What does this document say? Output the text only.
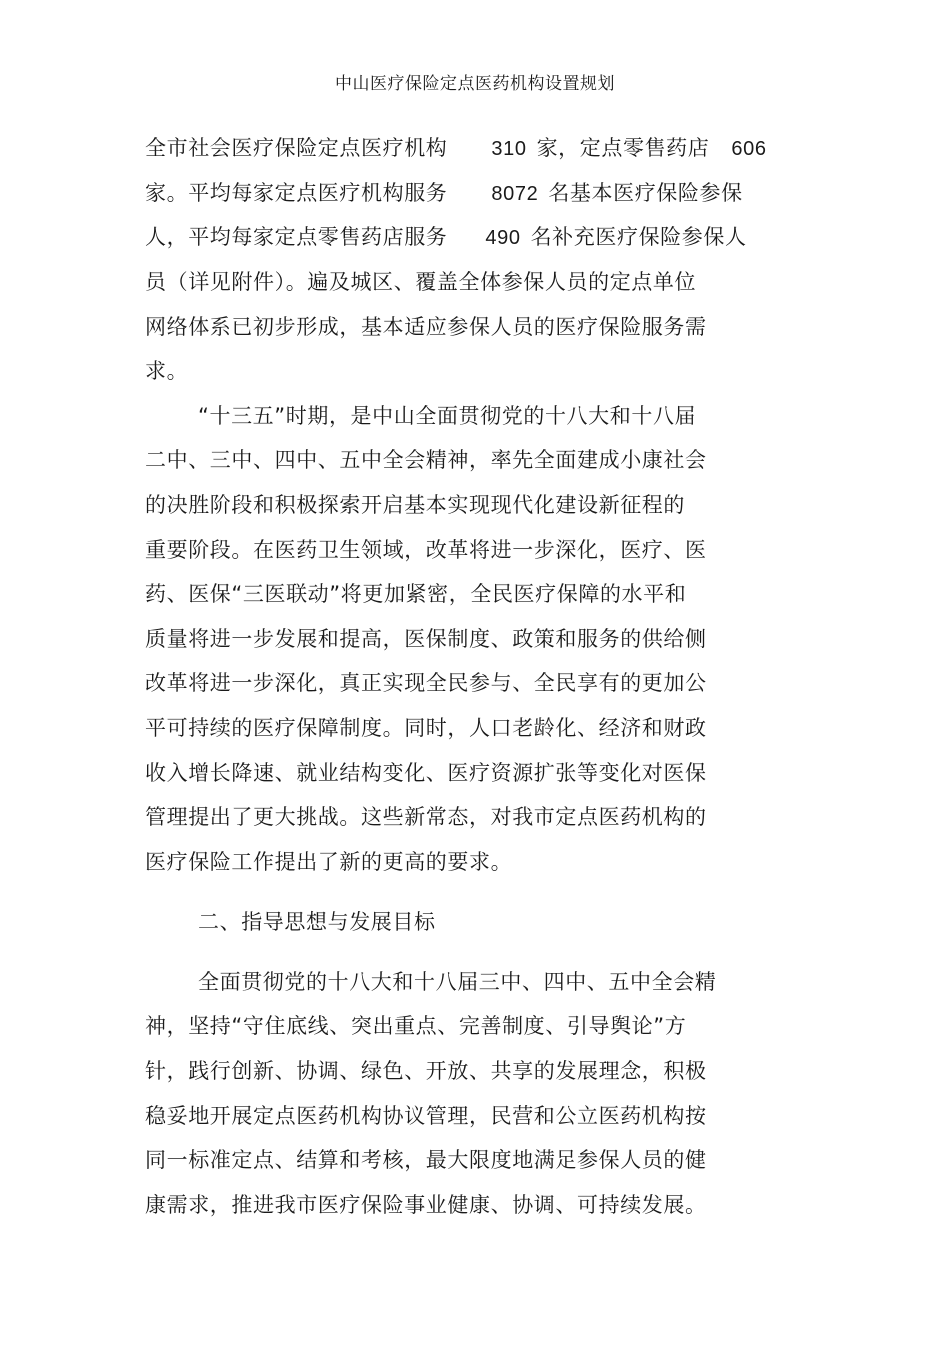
中山医疗保险定点医药机构设置规划
全市社会医疗保险定点医疗机构 310 家，定点零售药店 606
家。平均每家定点医疗机构服务 8072 名基本医疗保险参保
人，平均每家定点零售药店服务 490 名补充医疗保险参保人
员（详见附件）。遍及城区、覆盖全体参保人员的定点单位
网络体系已初步形成，基本适应参保人员的医疗保险服务需
求。
“十三五”时期，是中山全面贯彻党的十八大和十八届
二中、三中、四中、五中全会精神，率先全面建成小康社会
的决胜阶段和积极探索开启基本实现现代化建设新征程的
重要阶段。在医药卫生领域，改革将进一步深化，医疗、医
药、医保“三医联动”将更加紧密，全民医疗保障的水平和
质量将进一步发展和提高，医保制度、政策和服务的供给侧
改革将进一步深化，真正实现全民参与、全民享有的更加公
平可持续的医疗保障制度。同时，人口老龄化、经济和财政
收入增长降速、就业结构变化、医疗资源扩张等变化对医保
管理提出了更大挑战。这些新常态，对我市定点医药机构的
医疗保险工作提出了新的更高的要求。
二、指导思想与发展目标
全面贯彻党的十八大和十八届三中、四中、五中全会精
神，坚持“守住底线、突出重点、完善制度、引导舆论”方
针，践行创新、协调、绿色、开放、共享的发展理念，积极
稳妥地开展定点医药机构协议管理，民营和公立医药机构按
同一标准定点、结算和考核，最大限度地满足参保人员的健
康需求，推进我市医疗保险事业健康、协调、可持续发展。
